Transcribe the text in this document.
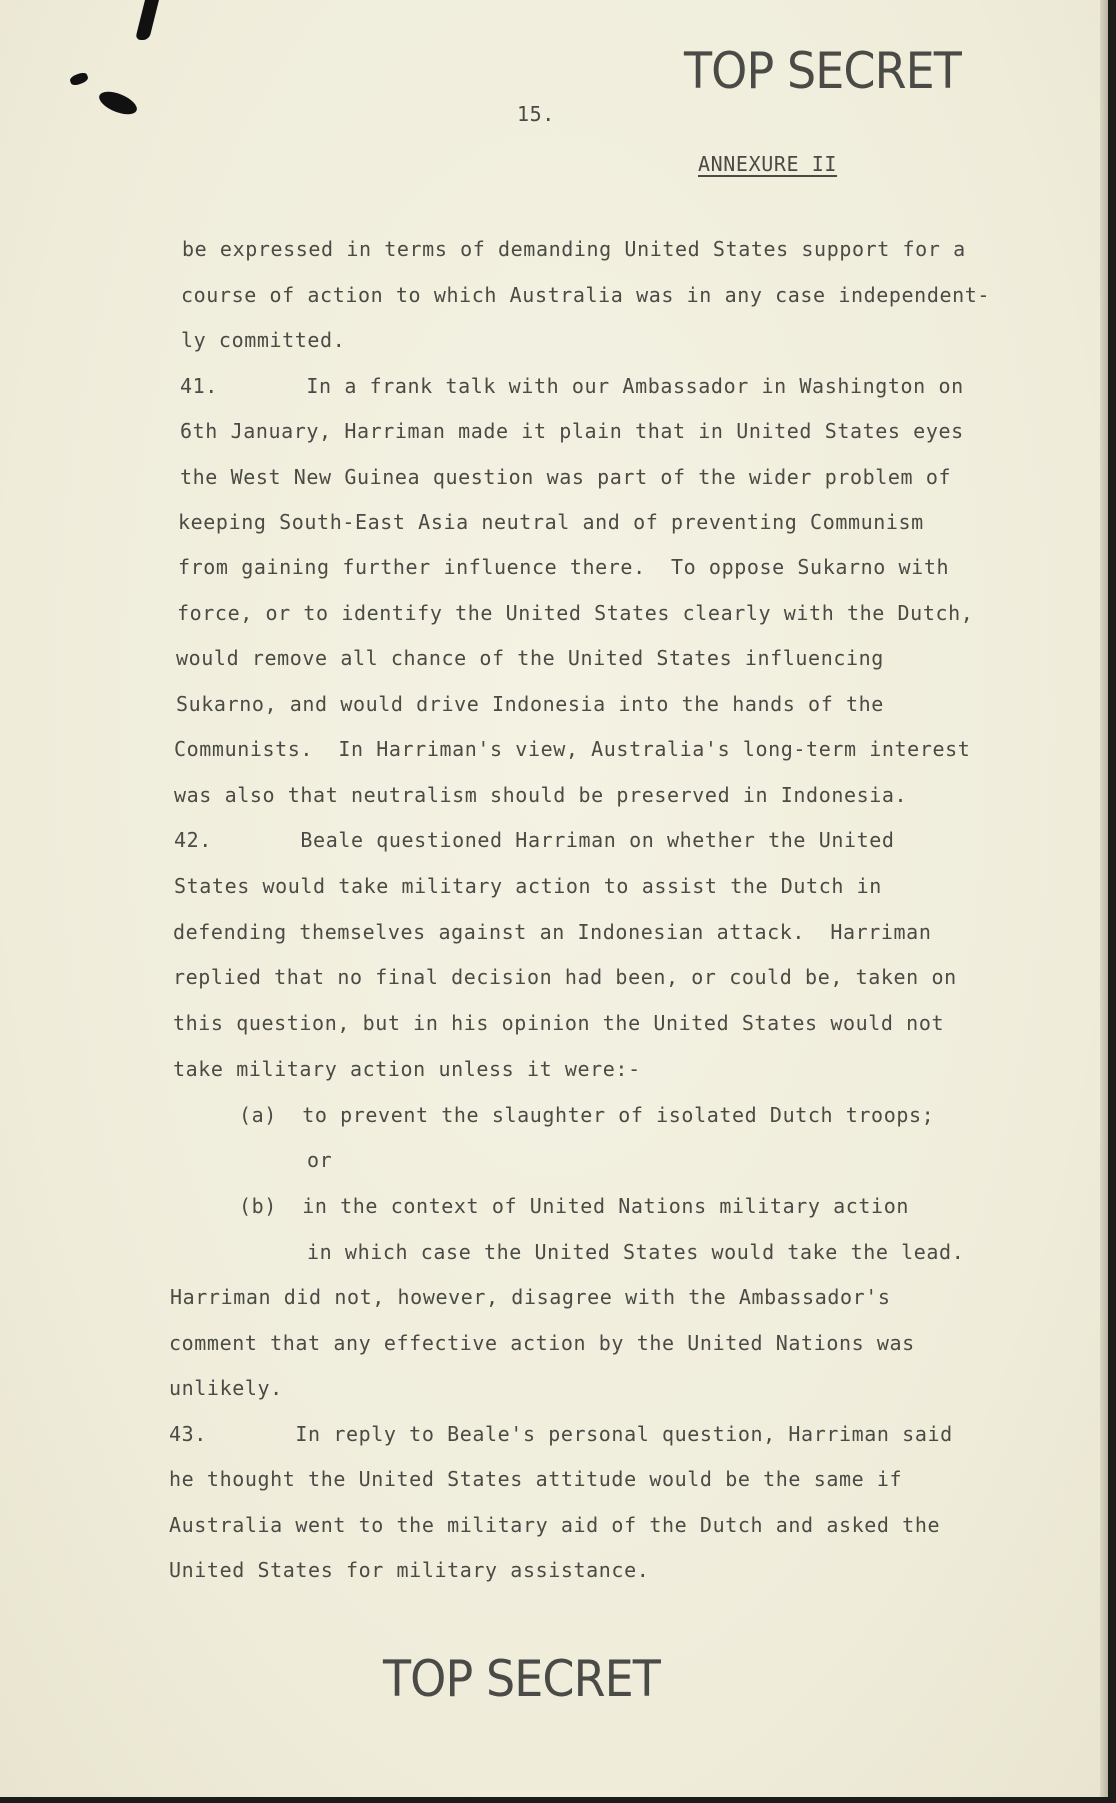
TOP SECRET
15.
ANNEXURE II
be expressed in terms of demanding United States support for a
course of action to which Australia was in any case independent-
ly committed.
41.       In a frank talk with our Ambassador in Washington on
6th January, Harriman made it plain that in United States eyes
the West New Guinea question was part of the wider problem of
keeping South-East Asia neutral and of preventing Communism
from gaining further influence there.  To oppose Sukarno with
force, or to identify the United States clearly with the Dutch,
would remove all chance of the United States influencing
Sukarno, and would drive Indonesia into the hands of the
Communists.  In Harriman's view, Australia's long-term interest
was also that neutralism should be preserved in Indonesia.
42.       Beale questioned Harriman on whether the United
States would take military action to assist the Dutch in
defending themselves against an Indonesian attack.  Harriman
replied that no final decision had been, or could be, taken on
this question, but in his opinion the United States would not
take military action unless it were:-
(a)  to prevent the slaughter of isolated Dutch troops;
or
(b)  in the context of United Nations military action
in which case the United States would take the lead.
Harriman did not, however, disagree with the Ambassador's
comment that any effective action by the United Nations was
unlikely.
43.       In reply to Beale's personal question, Harriman said
he thought the United States attitude would be the same if
Australia went to the military aid of the Dutch and asked the
United States for military assistance.
TOP SECRET
